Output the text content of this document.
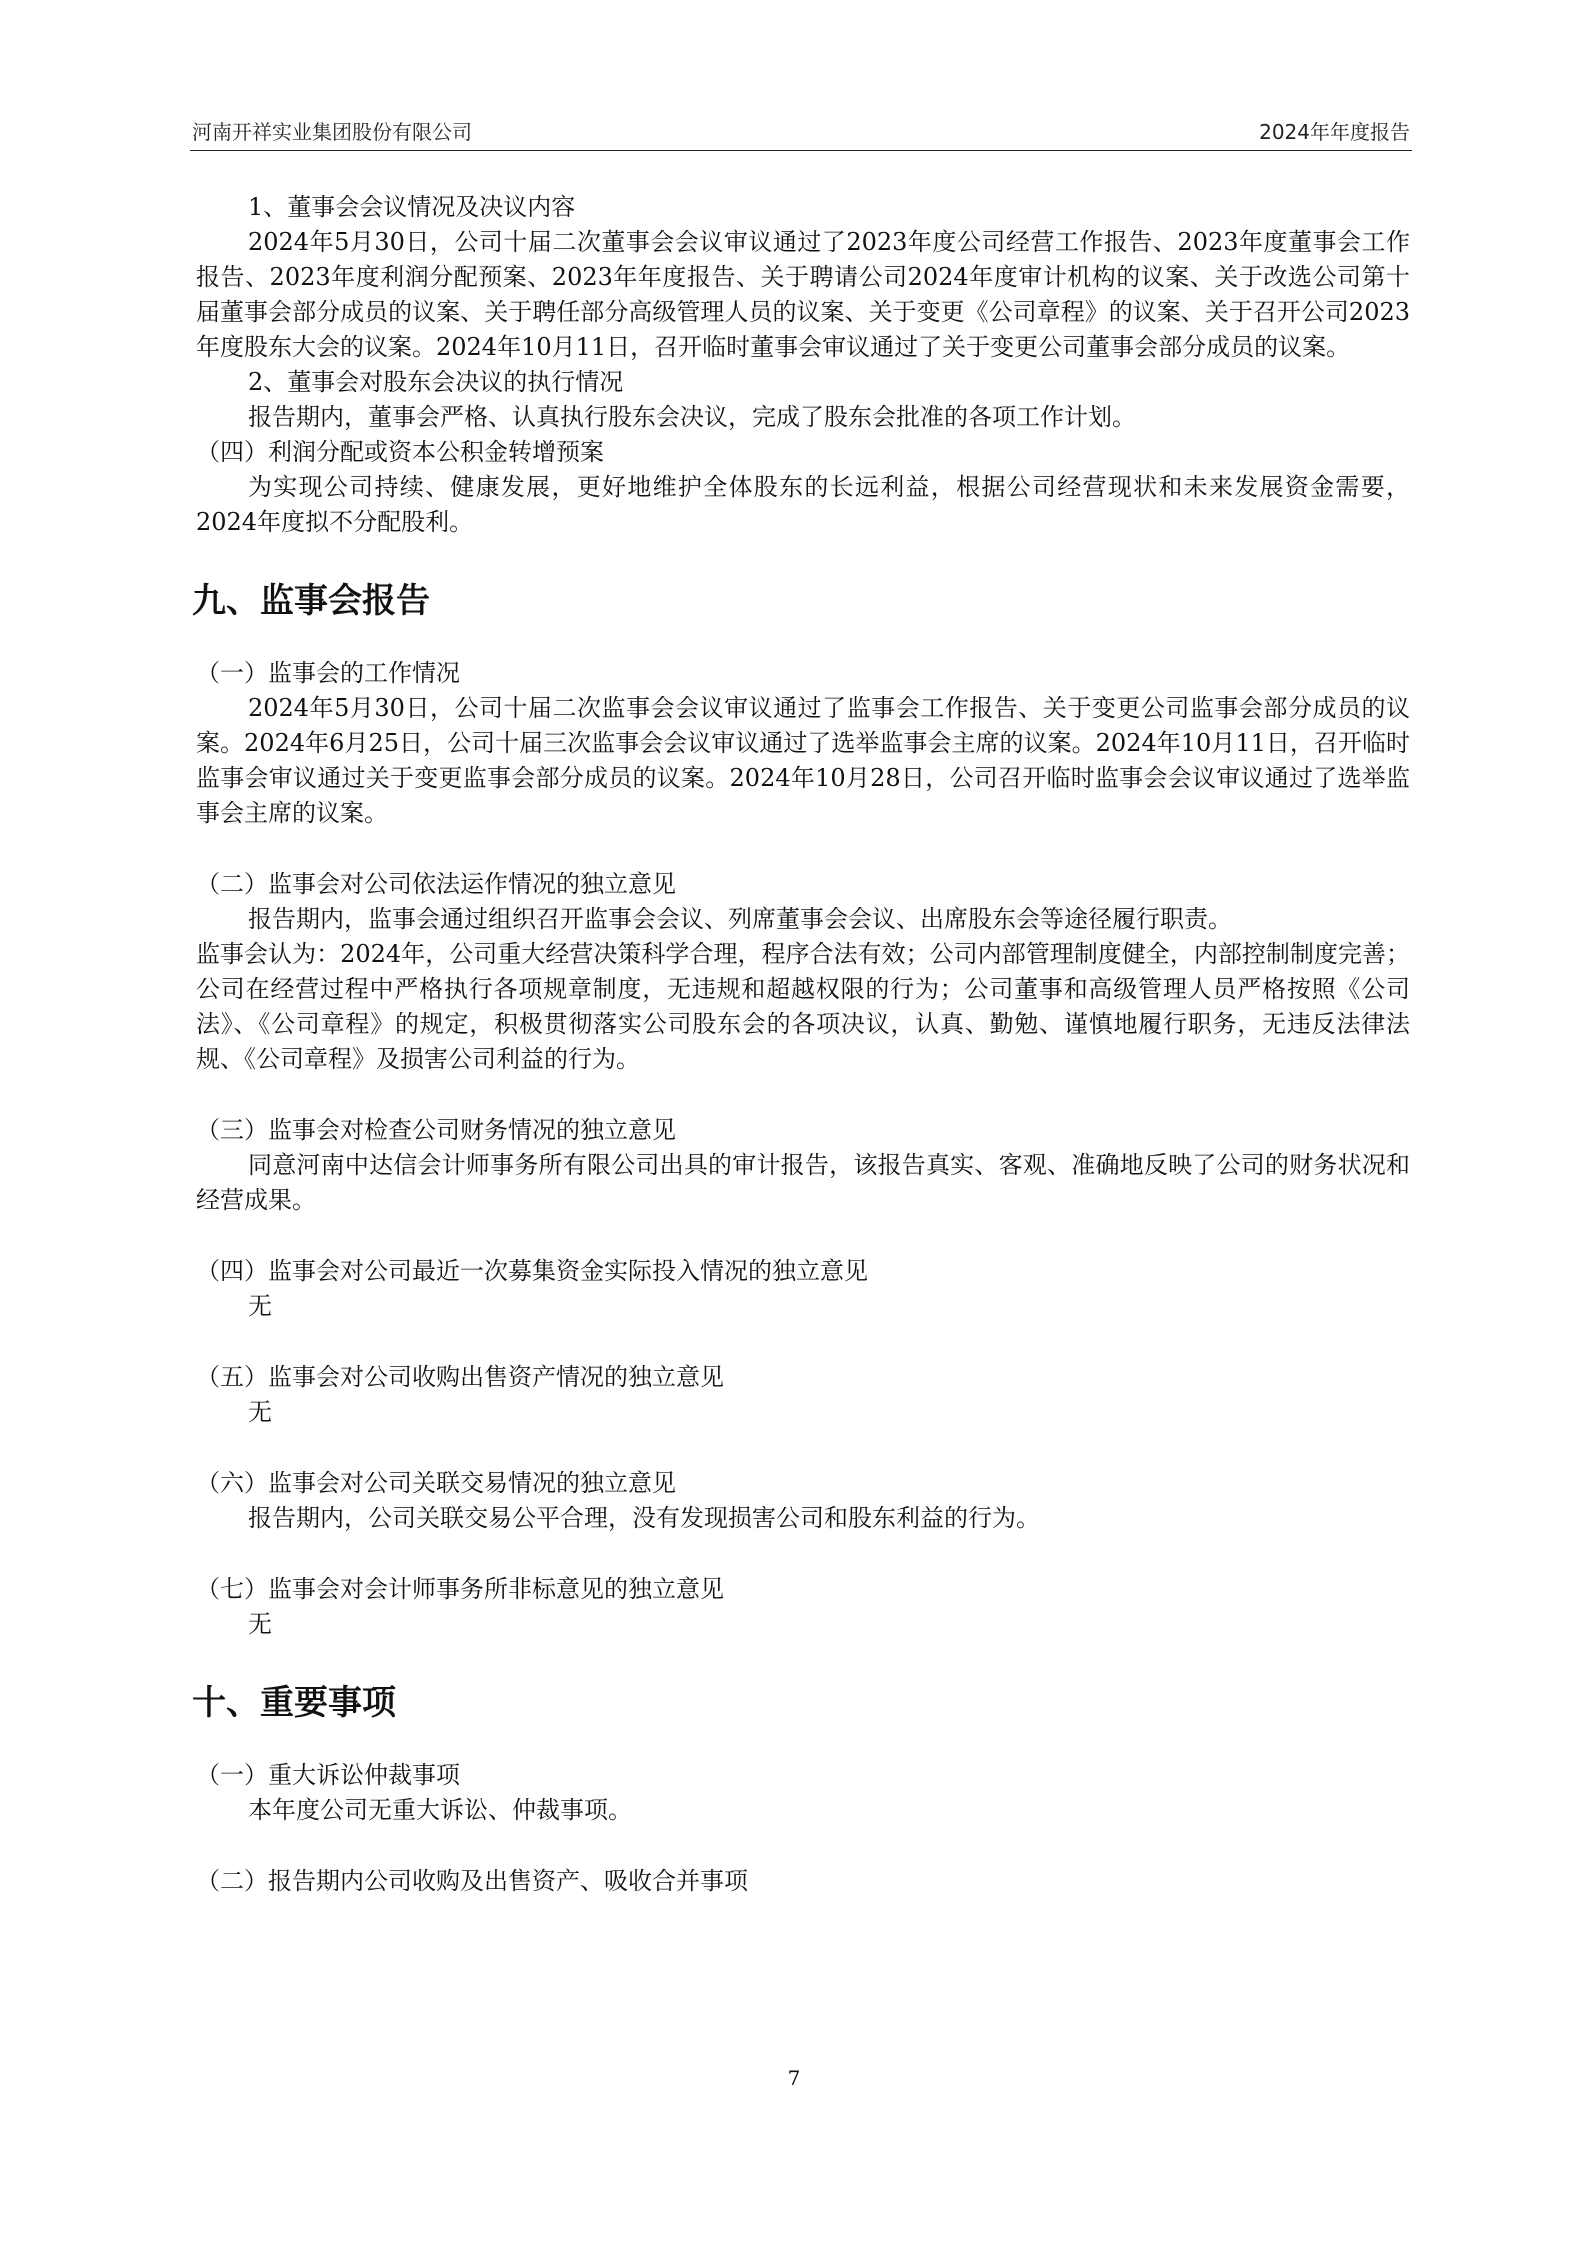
河南开祥实业集团股份有限公司	2024年年度报告

1、董事会会议情况及决议内容

2024年5月30日，公司十届二次董事会会议审议通过了2023年度公司经营工作报告、2023年度董事会工作报告、2023年度利润分配预案、2023年年度报告、关于聘请公司2024年度审计机构的议案、关于改选公司第十届董事会部分成员的议案、关于聘任部分高级管理人员的议案、关于变更《公司章程》的议案、关于召开公司2023年度股东大会的议案。2024年10月11日，召开临时董事会审议通过了关于变更公司董事会部分成员的议案。

2、董事会对股东会决议的执行情况

报告期内，董事会严格、认真执行股东会决议，完成了股东会批准的各项工作计划。

（四）利润分配或资本公积金转增预案

为实现公司持续、健康发展，更好地维护全体股东的长远利益，根据公司经营现状和未来发展资金需要，2024年度拟不分配股利。

九、监事会报告

（一）监事会的工作情况

2024年5月30日，公司十届二次监事会会议审议通过了监事会工作报告、关于变更公司监事会部分成员的议案。2024年6月25日，公司十届三次监事会会议审议通过了选举监事会主席的议案。2024年10月11日，召开临时监事会审议通过关于变更监事会部分成员的议案。2024年10月28日，公司召开临时监事会会议审议通过了选举监事会主席的议案。

（二）监事会对公司依法运作情况的独立意见

报告期内，监事会通过组织召开监事会会议、列席董事会会议、出席股东会等途径履行职责。

监事会认为：2024年，公司重大经营决策科学合理，程序合法有效；公司内部管理制度健全，内部控制制度完善；公司在经营过程中严格执行各项规章制度，无违规和超越权限的行为；公司董事和高级管理人员严格按照《公司法》、《公司章程》的规定，积极贯彻落实公司股东会的各项决议，认真、勤勉、谨慎地履行职务，无违反法律法规、《公司章程》及损害公司利益的行为。

（三）监事会对检查公司财务情况的独立意见

同意河南中达信会计师事务所有限公司出具的审计报告，该报告真实、客观、准确地反映了公司的财务状况和经营成果。

（四）监事会对公司最近一次募集资金实际投入情况的独立意见

无

（五）监事会对公司收购出售资产情况的独立意见

无

（六）监事会对公司关联交易情况的独立意见

报告期内，公司关联交易公平合理，没有发现损害公司和股东利益的行为。

（七）监事会对会计师事务所非标意见的独立意见

无

十、重要事项

（一）重大诉讼仲裁事项

本年度公司无重大诉讼、仲裁事项。

（二）报告期内公司收购及出售资产、吸收合并事项

7
